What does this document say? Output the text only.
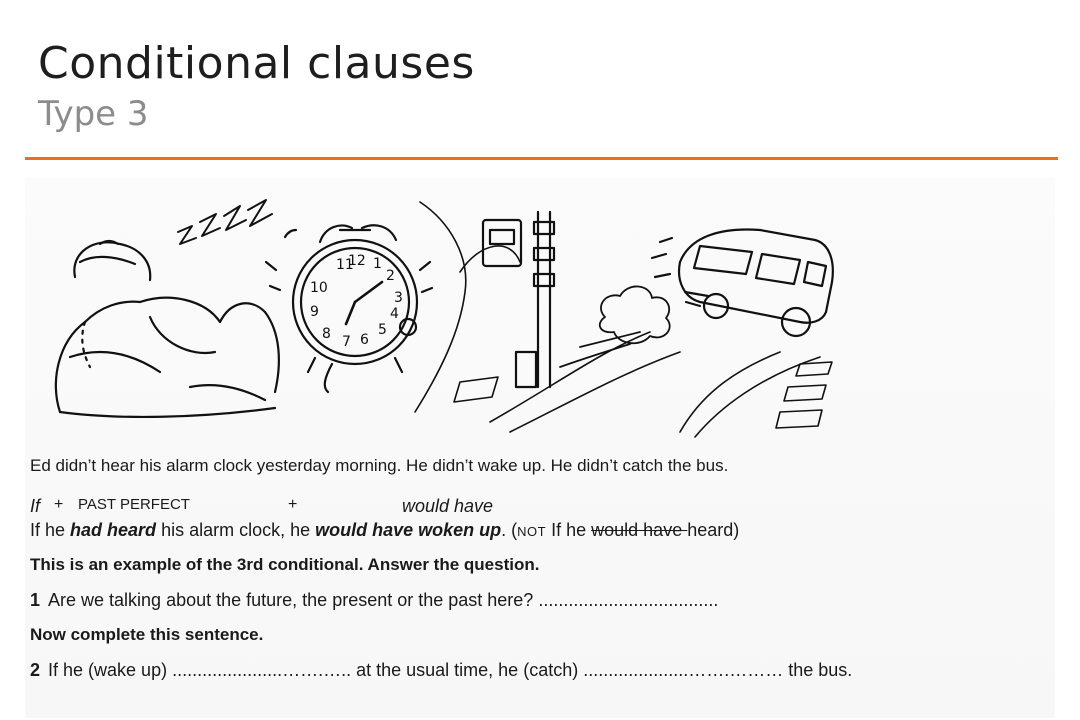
Conditional clauses
Type 3
11
12 1
2
3
10
9
8 7 6
5
4
Ed didn’t hear his alarm clock yesterday morning. He didn’t wake up. He didn’t catch the bus.
If + PAST PERFECT	+	would have
If he had heard his alarm clock, he would have woken up. (NOT If he would have heard)
This is an example of the 3rd conditional. Answer the question.
1 Are we talking about the future, the present or the past here? ....................................
Now complete this sentence.
2 If he (wake up) ......................…….….. at the usual time, he (catch) .....................…….……… the bus.
